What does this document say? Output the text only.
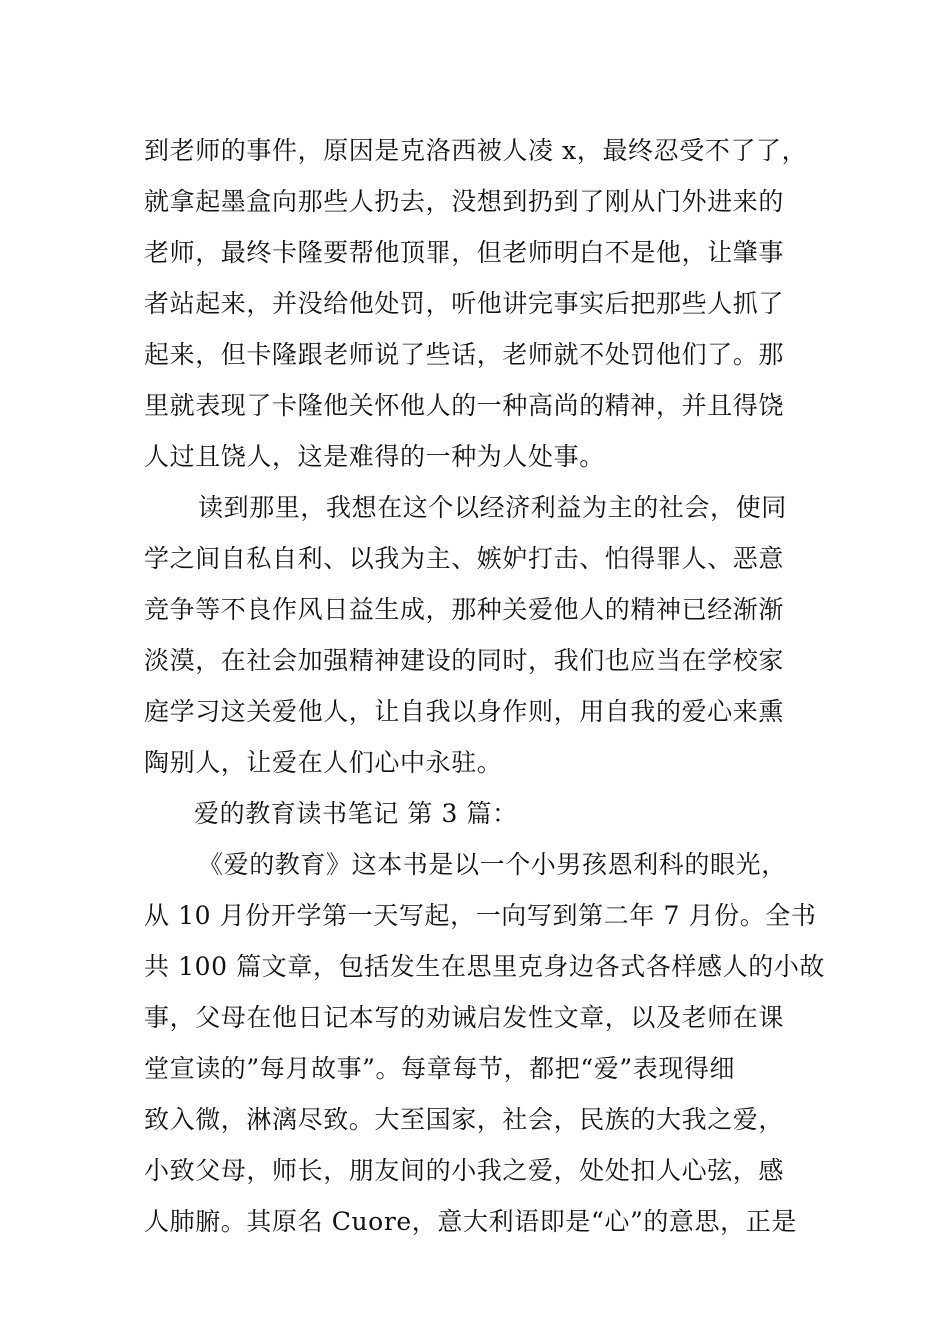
到老师的事件，原因是克洛西被人凌 x，最终忍受不了了，
就拿起墨盒向那些人扔去，没想到扔到了刚从门外进来的
老师，最终卡隆要帮他顶罪，但老师明白不是他，让肇事
者站起来，并没给他处罚，听他讲完事实后把那些人抓了
起来，但卡隆跟老师说了些话，老师就不处罚他们了。那
里就表现了卡隆他关怀他人的一种高尚的精神，并且得饶
人过且饶人，这是难得的一种为人处事。
读到那里，我想在这个以经济利益为主的社会，使同
学之间自私自利、以我为主、嫉妒打击、怕得罪人、恶意
竞争等不良作风日益生成，那种关爱他人的精神已经渐渐
淡漠，在社会加强精神建设的同时，我们也应当在学校家
庭学习这关爱他人，让自我以身作则，用自我的爱心来熏
陶别人，让爱在人们心中永驻。
爱的教育读书笔记 第 3 篇：
《爱的教育》这本书是以一个小男孩恩利科的眼光，
从 10 月份开学第一天写起，一向写到第二年 7 月份。全书
共 100 篇文章，包括发生在思里克身边各式各样感人的小故
事，父母在他日记本写的劝诫启发性文章，以及老师在课
堂宣读的”每月故事”。每章每节，都把“爱”表现得细
致入微，淋漓尽致。大至国家，社会，民族的大我之爱，
小致父母，师长，朋友间的小我之爱，处处扣人心弦，感
人肺腑。其原名 Cuore，意大利语即是“心”的意思，正是
